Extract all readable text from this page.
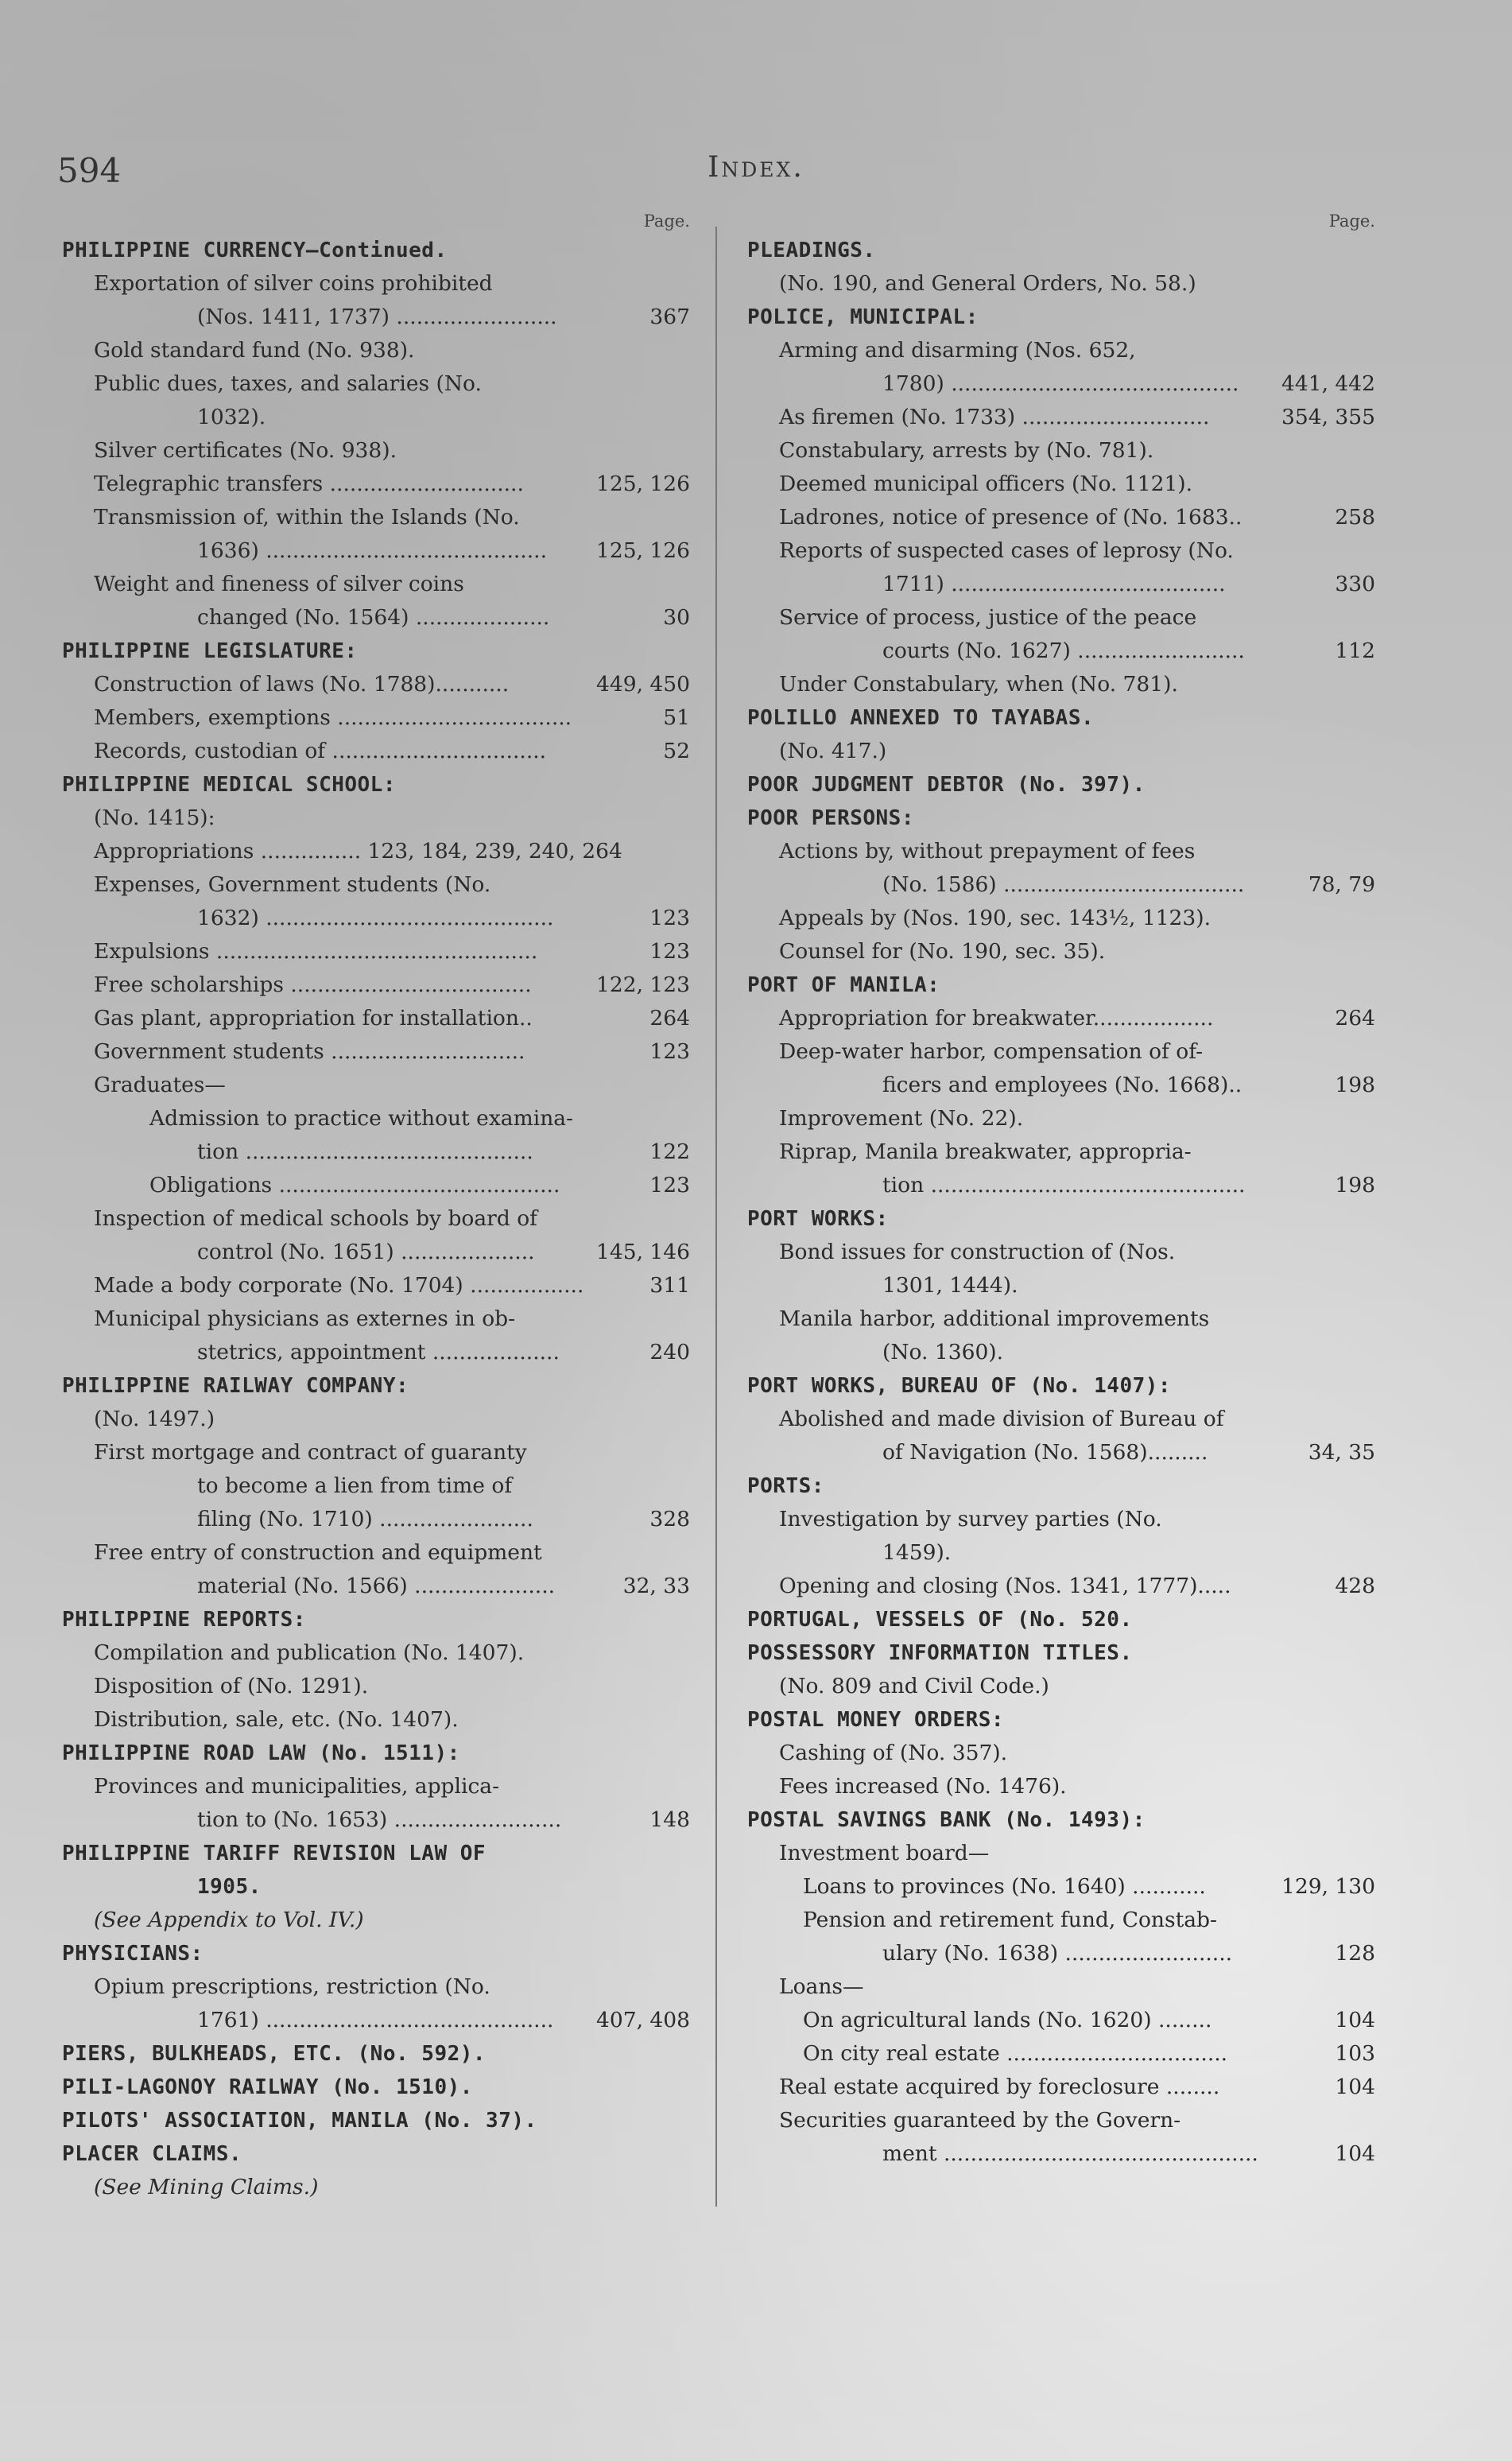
594	Index.
Page.
PHILIPPINE CURRENCY—Continued.
Exportation of silver coins prohibited
(Nos. 1411, 1737) ........................	367
Gold standard fund (No. 938).
Public dues, taxes, and salaries (No.
1032).
Silver certificates (No. 938).
Telegraphic transfers .............................	125, 126
Transmission of, within the Islands (No.
1636) .......................................... 125, 126
Weight and fineness of silver coins
changed (No. 1564) ....................	30
PHILIPPINE LEGISLATURE:
Construction of laws (No. 1788)...........	449, 450
Members, exemptions ...................................	51
Records, custodian of ................................	52
PHILIPPINE MEDICAL SCHOOL:
(No. 1415):
Appropriations ............... 123, 184, 239, 240, 264
Expenses, Government students (No.
1632) ...........................................	123
Expulsions ................................................	123
Free scholarships ....................................	122, 123
Gas plant, appropriation for installation..	264
Government students .............................	123
Graduates—
Admission to practice without examina-
tion ...........................................	122
Obligations ..........................................	123
Inspection of medical schools by board of
control (No. 1651) ....................	145, 146
Made a body corporate (No. 1704) .................	311
Municipal physicians as externes in ob-
stetrics, appointment ...................	240
PHILIPPINE RAILWAY COMPANY:
(No. 1497.)
First mortgage and contract of guaranty
to become a lien from time of
filing (No. 1710) .......................	328
Free entry of construction and equipment
material (No. 1566) .....................	32, 33
PHILIPPINE REPORTS:
Compilation and publication (No. 1407).
Disposition of (No. 1291).
Distribution, sale, etc. (No. 1407).
PHILIPPINE ROAD LAW (No. 1511):
Provinces and municipalities, applica-
tion to (No. 1653) .........................	148
PHILIPPINE TARIFF REVISION LAW OF
1905.
(See Appendix to Vol. IV.)
PHYSICIANS:
Opium prescriptions, restriction (No.
1761) ........................................... 407, 408
PIERS, BULKHEADS, ETC. (No. 592).
PILI-LAGONOY RAILWAY (No. 1510).
PILOTS' ASSOCIATION, MANILA (No. 37).
PLACER CLAIMS.
(See Mining Claims.)
Page.
PLEADINGS.
(No. 190, and General Orders, No. 58.)
POLICE, MUNICIPAL:
Arming and disarming (Nos. 652,
1780) ........................................... 441, 442
As firemen (No. 1733) ............................	354, 355
Constabulary, arrests by (No. 781).
Deemed municipal officers (No. 1121).
Ladrones, notice of presence of (No. 1683..	258
Reports of suspected cases of leprosy (No.
1711) .........................................	330
Service of process, justice of the peace
courts (No. 1627) .........................	112
Under Constabulary, when (No. 781).
POLILLO ANNEXED TO TAYABAS.
(No. 417.)
POOR JUDGMENT DEBTOR (No. 397).
POOR PERSONS:
Actions by, without prepayment of fees
(No. 1586) ....................................	78, 79
Appeals by (Nos. 190, sec. 143½, 1123).
Counsel for (No. 190, sec. 35).
PORT OF MANILA:
Appropriation for breakwater..................	264
Deep-water harbor, compensation of of-
ficers and employees (No. 1668)..	198
Improvement (No. 22).
Riprap, Manila breakwater, appropria-
tion ...............................................	198
PORT WORKS:
Bond issues for construction of (Nos.
1301, 1444).
Manila harbor, additional improvements
(No. 1360).
PORT WORKS, BUREAU OF (No. 1407):
Abolished and made division of Bureau of
of Navigation (No. 1568).........	34, 35
PORTS:
Investigation by survey parties (No.
1459).
Opening and closing (Nos. 1341, 1777).....	428
PORTUGAL, VESSELS OF (No. 520.
POSSESSORY INFORMATION TITLES.
(No. 809 and Civil Code.)
POSTAL MONEY ORDERS:
Cashing of (No. 357).
Fees increased (No. 1476).
POSTAL SAVINGS BANK (No. 1493):
Investment board—
Loans to provinces (No. 1640) ...........	129, 130
Pension and retirement fund, Constab-
ulary (No. 1638) .........................	128
Loans—
On agricultural lands (No. 1620) ........	104
On city real estate .................................	103
Real estate acquired by foreclosure ........	104
Securities guaranteed by the Govern-
ment ...............................................	104
